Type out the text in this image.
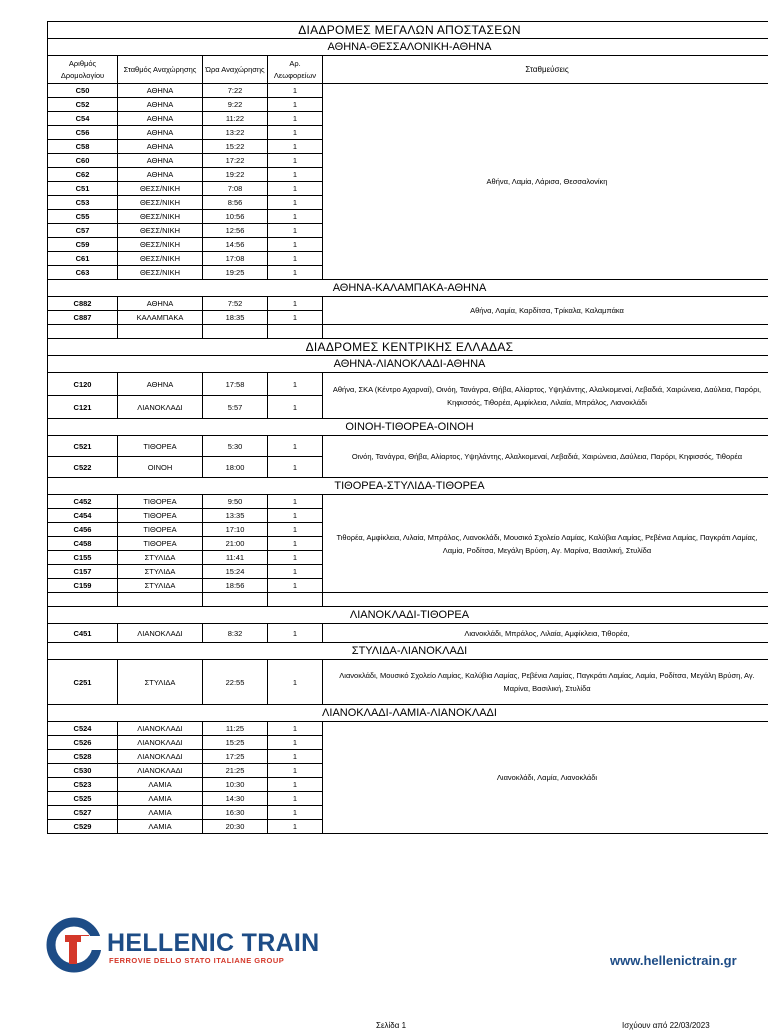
ΔΙΑΔΡΟΜΕΣ ΜΕΓΑΛΩΝ ΑΠΟΣΤΑΣΕΩΝ				
ΑΘΗΝΑ-ΘΕΣΣΑΛΟΝΙΚΗ-ΑΘΗΝΑ				
Αριθμός Δρομολογίου	Σταθμός Αναχώρησης	Ώρα Αναχώρησης	Αρ. Λεωφορείων	Σταθμεύσεις
C50	ΑΘΗΝΑ	7:22	1	Αθήνα, Λαμία, Λάρισα, Θεσσαλονίκη
C52	ΑΘΗΝΑ	9:22	1	
C54	ΑΘΗΝΑ	11:22	1	
C56	ΑΘΗΝΑ	13:22	1	
C58	ΑΘΗΝΑ	15:22	1	
C60	ΑΘΗΝΑ	17:22	1	
C62	ΑΘΗΝΑ	19:22	1	
C51	ΘΕΣΣ/ΝΙΚΗ	7:08	1	
C53	ΘΕΣΣ/ΝΙΚΗ	8:56	1	
C55	ΘΕΣΣ/ΝΙΚΗ	10:56	1	
C57	ΘΕΣΣ/ΝΙΚΗ	12:56	1	
C59	ΘΕΣΣ/ΝΙΚΗ	14:56	1	
C61	ΘΕΣΣ/ΝΙΚΗ	17:08	1	
C63	ΘΕΣΣ/ΝΙΚΗ	19:25	1	
ΑΘΗΝΑ-ΚΑΛΑΜΠΑΚΑ-ΑΘΗΝΑ				
C882	ΑΘΗΝΑ	7:52	1	Αθήνα, Λαμία, Καρδίτσα, Τρίκαλα, Καλαμπάκα
C887	ΚΑΛΑΜΠΑΚΑ	18:35	1	

ΔΙΑΔΡΟΜΕΣ ΚΕΝΤΡΙΚΗΣ ΕΛΛΑΔΑΣ				
ΑΘΗΝΑ-ΛΙΑΝΟΚΛΑΔΙ-ΑΘΗΝΑ				
C120	ΑΘΗΝΑ	17:58	1	Αθήνα, ΣΚΑ (Κέντρο Αχαρναί), Οινόη, Τανάγρα, Θήβα, Αλίαρτος, Υψηλάντης, Αλαλκομεναί, Λεβαδιά, Χαιρώνεια, Δαύλεια, Παρόρι, Κηφισσός, Τιθορέα, Αμφίκλεια, Λιλαία, Μπράλος, Λιανοκλάδι
C121	ΛΙΑΝΟΚΛΑΔΙ	5:57	1	
ΟΙΝΟΗ-ΤΙΘΟΡΕΑ-ΟΙΝΟΗ				
C521	ΤΙΘΟΡΕΑ	5:30	1	Οινόη, Τανάγρα, Θήβα, Αλίαρτος, Υψηλάντης, Αλαλκομεναί, Λεβαδιά, Χαιρώνεια, Δαύλεια, Παρόρι, Κηφισσός, Τιθορέα
C522	ΟΙΝΟΗ	18:00	1	
ΤΙΘΟΡΕΑ-ΣΤΥΛΙΔΑ-ΤΙΘΟΡΕΑ				
C452	ΤΙΘΟΡΕΑ	9:50	1	Τιθορέα, Αμφίκλεια, Λιλαία, Μπράλος, Λιανοκλάδι, Μουσικό Σχολείο Λαμίας, Καλύβια Λαμίας, Ρεβένια Λαμίας, Παγκράτι Λαμίας, Λαμία, Ροδίτσα, Μεγάλη Βρύση, Αγ. Μαρίνα, Βασιλική, Στυλίδα
C454	ΤΙΘΟΡΕΑ	13:35	1	
C456	ΤΙΘΟΡΕΑ	17:10	1	
C458	ΤΙΘΟΡΕΑ	21:00	1	
C155	ΣΤΥΛΙΔΑ	11:41	1	
C157	ΣΤΥΛΙΔΑ	15:24	1	
C159	ΣΤΥΛΙΔΑ	18:56	1	

ΛΙΑΝΟΚΛΑΔΙ-ΤΙΘΟΡΕΑ				
C451	ΛΙΑΝΟΚΛΑΔΙ	8:32	1	Λιανοκλάδι, Μπράλος, Λιλαία, Αμφίκλεια, Τιθορέα,
ΣΤΥΛΙΔΑ-ΛΙΑΝΟΚΛΑΔΙ				
C251	ΣΤΥΛΙΔΑ	22:55	1	Λιανοκλάδι, Μουσικό Σχολείο Λαμίας, Καλύβια Λαμίας, Ρεβένια Λαμίας, Παγκράτι Λαμίας, Λαμία, Ροδίτσα, Μεγάλη Βρύση, Αγ. Μαρίνα, Βασιλική, Στυλίδα
ΛΙΑΝΟΚΛΑΔΙ-ΛΑΜΙΑ-ΛΙΑΝΟΚΛΑΔΙ				
C524	ΛΙΑΝΟΚΛΑΔΙ	11:25	1	Λιανοκλάδι, Λαμία, Λιανοκλάδι
C526	ΛΙΑΝΟΚΛΑΔΙ	15:25	1	
C528	ΛΙΑΝΟΚΛΑΔΙ	17:25	1	
C530	ΛΙΑΝΟΚΛΑΔΙ	21:25	1	
C523	ΛΑΜΙΑ	10:30	1	
C525	ΛΑΜΙΑ	14:30	1	
C527	ΛΑΜΙΑ	16:30	1	
C529	ΛΑΜΙΑ	20:30	1	
HELLENIC TRAIN
FERROVIE DELLO STATO ITALIANE GROUP	www.hellenictrain.gr
Σελίδα 1	Ισχύουν από 22/03/2023
